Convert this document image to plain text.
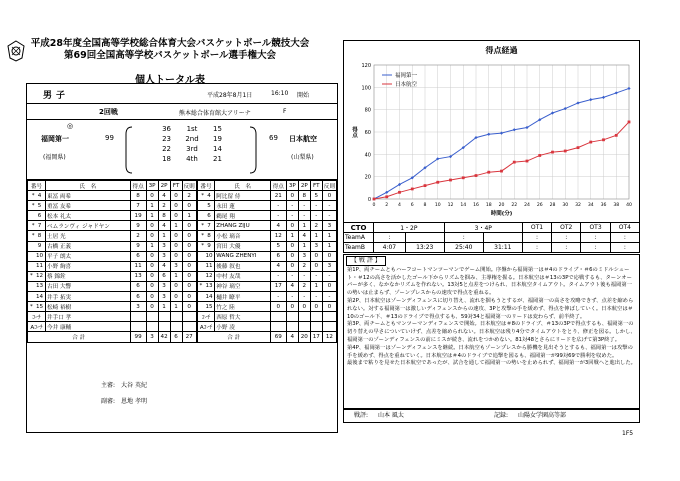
平成28年度全国高等学校総合体育大会バスケットボール競技大会
第69回全国高等学校バスケットボール選手権大会
個人トータル表
男子	平成28年8月1日	16:10 開始
2回戦	熊本総合体育館大アリーナ	F
◎
福岡第一
(福岡県)
99
36	1st	15
23	2nd	19
22	3rd	14
18	4th	21
69 日本航空
(山梨県)
番号	氏　 名	得点	3P	2P	FT	反則	番号	氏　 名	得点	3P	2P	FT	反則
* 4	東冨 両希	8	0	4	0	2	* 4	阿比留 侍	21	0	8	5	0
* 5	重冨 友希	7	1	2	0	0	5	永田 蓮	-	-	-	-	-
6	松本 礼太	19	1	8	0	1	6	鵜尾 翔	-	-	-	-	-
* 7	ベムランヴィ ジャドヤン	9	0	4	1	0	* 7	ZHANG ZIJU	4	0	1	2	3
* 8	土居 光	2	0	1	0	0	* 8	小松 璃音	12	1	4	1	1
9	古橋 正義	9	1	3	0	0	* 9	宮田 大優	5	0	1	3	1
10	平子 朗太	6	0	3	0	0	10	WANG ZHENYI	6	0	3	0	0
11	小野 絢喜	11	0	4	3	0	11	後藤 叙也	4	0	2	0	3
* 12	蔡 錦銓	13	0	6	1	0	12	中村 友哉	-	-	-	-	-
13	古田 大響	6	0	3	0	0	* 13	神谷 璃空	17	4	2	1	0
14	井手 拓実	6	0	3	0	0	14	樋井 瞭平	-	-	-	-	-
* 15	松崎 裕樹	3	0	1	1	0	15	竹之 陸	0	0	0	0	0
ｺｰﾁ	井手口 孝						ｺｰﾁ	西原 哲大					
Aｺｰﾁ	今井 康輔						Aｺｰﾁ	小野 凌					
合 計		99	3	42	6	27	合 計		69	4	20	17	12
主審:　 大谷 英紀
副審:　 恩地 孝明
得点経過
0
20
40
60
80
100
120
0 2 4 6 8 10 12 14 16 18 20 22 24 26 28 30 32 34 36 38 40
時間(分)
得点
福岡第一
日本航空
CTO	1・2P		3・4P		OT1	OT2	OT3	OT4
TeamA	:		:		:	:	:	:
TeamB	4:07	13:23	25:40	31:11	:	:	:	:
【 戦 評 】
第1P、両チームともハーフコートマンツーマンでゲーム開始。序盤から福岡第一は＃4のドライブ・＃6のミドルシュート・＃12の高さを活かしたゴール下からリズムを掴み、主導権を握る。日本航空は＃13の3Pで応戦するも、ターンオーバーが多く、なかなかリズムを作れない。13対5と点差をつけられ、日本航空タイムアウト。タイムアウト後も福岡第一の勢いは止まらず、ゾーンプレスからの速攻で得点を重ねる。
第2P、日本航空はゾーンディフェンスに切り替え、流れを掴もうとするが、福岡第一の高さを攻略できず、点差を縮められない。対する福岡第一は激しいディフェンスからの速攻、3Pと攻撃の手を緩めず、得点を伸ばしていく。日本航空は＃10のゴール下、＃13のドライブで得点するも、59対34と福岡第一のリードは変わらず、前半終了。
第3P、両チームともマンツーマンディフェンスで開始。日本航空は＃8のドライブ、＃13の3Pで得点するも、福岡第一の切り替えの早さについていけず、点差を縮められない。日本航空は残り4分でタイムアウトをとり、修正を図る。しかし、福岡第一のゾーンディフェンスの前にミスが続き、流れをつかめない。81対48とさらにリードを広げて第3P終了。
第4P、福岡第一はゾーンディフェンスを継続。日本航空もゾーンプレスから勝機を見出そうとするも、福岡第一は攻撃の手を緩めず、得点を重ねていく。日本航空は＃4のドライブで追撃を図るも、福岡第一が99対69で勝利を収めた。
最後まで粘りを見せた日本航空であったが、試合を通して福岡第一の勢いを止められず、福岡第一が3回戦へと進出した。
戦評: 山本 風太	記録: 山陽女学園高等部
1F5
